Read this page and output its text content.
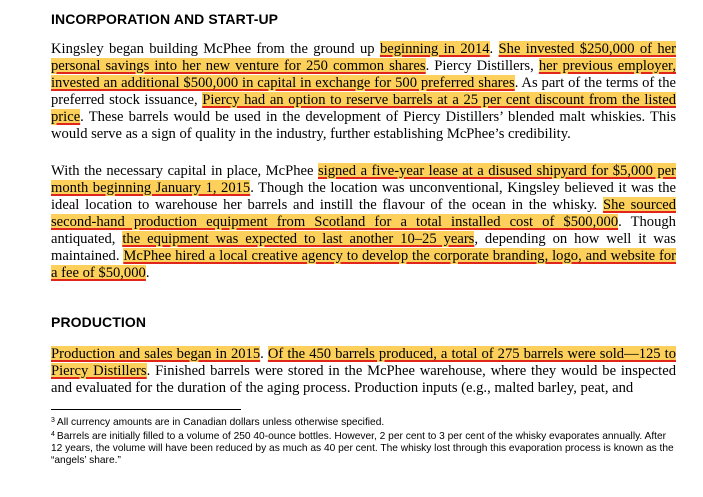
INCORPORATION AND START-UP

Kingsley began building McPhee from the ground up beginning in 2014. She invested $250,000 of her personal savings into her new venture for 250 common shares. Piercy Distillers, her previous employer, invested an additional $500,000 in capital in exchange for 500 preferred shares. As part of the terms of the preferred stock issuance, Piercy had an option to reserve barrels at a 25 per cent discount from the listed price. These barrels would be used in the development of Piercy Distillers’ blended malt whiskies. This would serve as a sign of quality in the industry, further establishing McPhee’s credibility.

With the necessary capital in place, McPhee signed a five-year lease at a disused shipyard for $5,000 per month beginning January 1, 2015. Though the location was unconventional, Kingsley believed it was the ideal location to warehouse her barrels and instill the flavour of the ocean in the whisky. She sourced second-hand production equipment from Scotland for a total installed cost of $500,000. Though antiquated, the equipment was expected to last another 10–25 years, depending on how well it was maintained. McPhee hired a local creative agency to develop the corporate branding, logo, and website for a fee of $50,000.

PRODUCTION

Production and sales began in 2015. Of the 450 barrels produced, a total of 275 barrels were sold—125 to Piercy Distillers. Finished barrels were stored in the McPhee warehouse, where they would be inspected and evaluated for the duration of the aging process. Production inputs (e.g., malted barley, peat, and

$^3$ All currency amounts are in Canadian dollars unless otherwise specified.

$^4$ Barrels are initially filled to a volume of 250 40-ounce bottles. However, 2 per cent to 3 per cent of the whisky evaporates annually. After 12 years, the volume will have been reduced by as much as 40 per cent. The whisky lost through this evaporation process is known as the “angels’ share.”
